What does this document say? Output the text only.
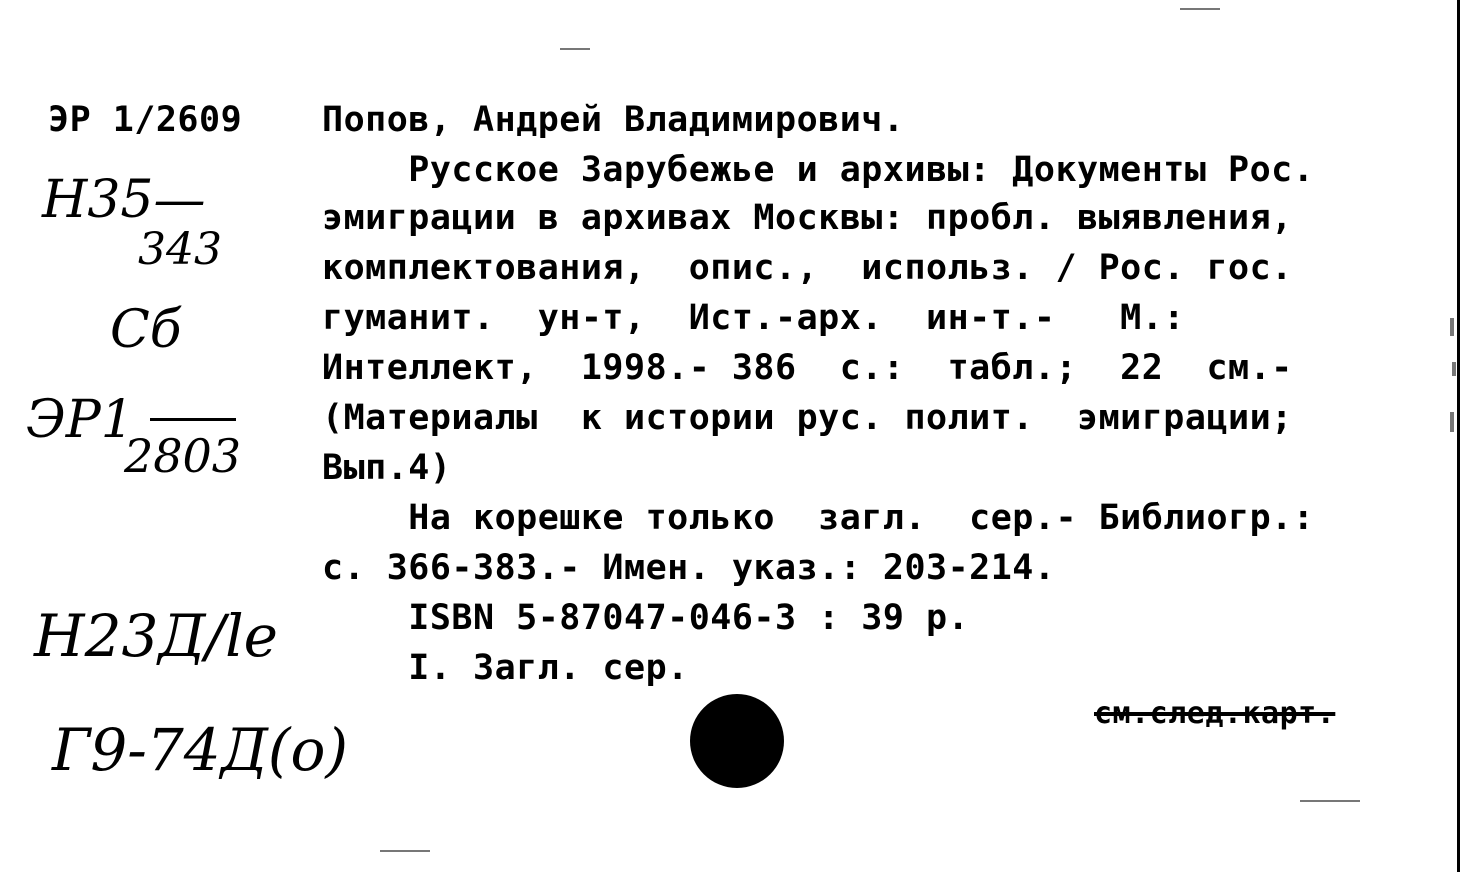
ЭР 1/2609
Н35—
343
Сб
ЭР1
2803
Н23Д/le
Г9-74Д(о)
Попов, Андрей Владимирович.
Русское Зарубежье и архивы: Документы Рос.
эмиграции в архивах Москвы: пробл. выявления,
комплектования,  опис.,  использ. / Рос. гос.
гуманит.  ун-т,  Ист.-арх.  ин-т.-   М.:
Интеллект,  1998.- 386  с.:  табл.;  22  см.-
(Материалы  к истории рус. полит.  эмиграции;
Вып.4)
На корешке только  загл.  сер.- Библиогр.:
с. 366-383.- Имен. указ.: 203-214.
ISBN 5-87047-046-3 : 39 р.
I. Загл. сер.
см.след.карт.
